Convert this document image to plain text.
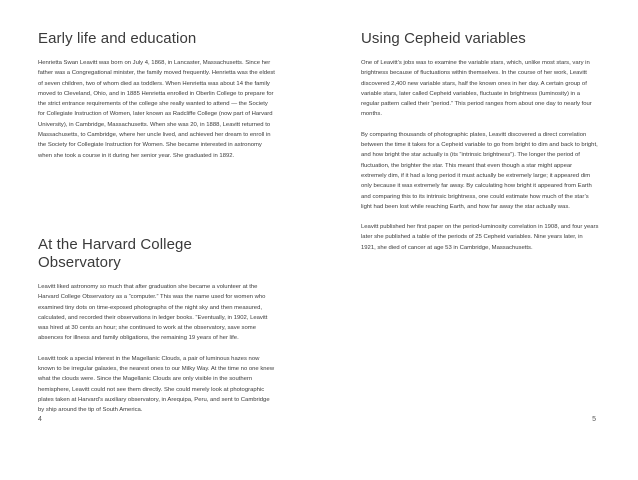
Early life and education

Henrietta Swan Leavitt was born on July 4, 1868, in Lancaster, Massachusetts. Since her father was a Congregational minister, the family moved frequently. Henrietta was the eldest of seven children, two of whom died as toddlers. When Henrietta was about 14 the family moved to Cleveland, Ohio, and in 1885 Henrietta enrolled in Oberlin College to prepare for the strict entrance requirements of the college she really wanted to attend — the Society for Collegiate Instruction of Women, later known as Radcliffe College (now part of Harvard University), in Cambridge, Massachusetts. When she was 20, in 1888, Leavitt returned to Massachusetts, to Cambridge, where her uncle lived, and achieved her dream to enroll in the Society for Collegiate Instruction for Women. She became interested in astronomy when she took a course in it during her senior year. She graduated in 1892.

At the Harvard College Observatory

Leavitt liked astronomy so much that after graduation she became a volunteer at the Harvard College Observatory as a “computer.” This was the name used for women who examined tiny dots on time-exposed photographs of the night sky and then measured, calculated, and recorded their observations in ledger books. “Eventually, in 1902, Leavitt was hired at 30 cents an hour; she continued to work at the observatory, save some absences for illness and family obligations, the remaining 19 years of her life.

Leavitt took a special interest in the Magellanic Clouds, a pair of luminous hazes now known to be irregular galaxies, the nearest ones to our Milky Way. At the time no one knew what the clouds were. Since the Magellanic Clouds are only visible in the southern hemisphere, Leavitt could not see them directly. She could merely look at photographic plates taken at Harvard’s auxiliary observatory, in Arequipa, Peru, and sent to Cambridge by ship around the tip of South America.

4
Using Cepheid variables

One of Leavitt’s jobs was to examine the variable stars, which, unlike most stars, vary in brightness because of fluctuations within themselves. In the course of her work, Leavitt discovered 2,400 new variable stars, half the known ones in her day. A certain group of variable stars, later called Cepheid variables, fluctuate in brightness (luminosity) in a regular pattern called their “period.” This period ranges from about one day to nearly four months.

By comparing thousands of photographic plates, Leavitt discovered a direct correlation between the time it takes for a Cepheid variable to go from bright to dim and back to bright, and how bright the star actually is (its “intrinsic brightness”). The longer the period of fluctuation, the brighter the star. This meant that even though a star might appear extremely dim, if it had a long period it must actually be extremely large; it appeared dim only because it was extremely far away. By calculating how bright it appeared from Earth and comparing this to its intrinsic brightness, one could estimate how much of the star’s light had been lost while reaching Earth, and how far away the star actually was.

Leavitt published her first paper on the period-luminosity correlation in 1908, and four years later she published a table of the periods of 25 Cepheid variables. Nine years later, in 1921, she died of cancer at age 53 in Cambridge, Massachusetts.

5
